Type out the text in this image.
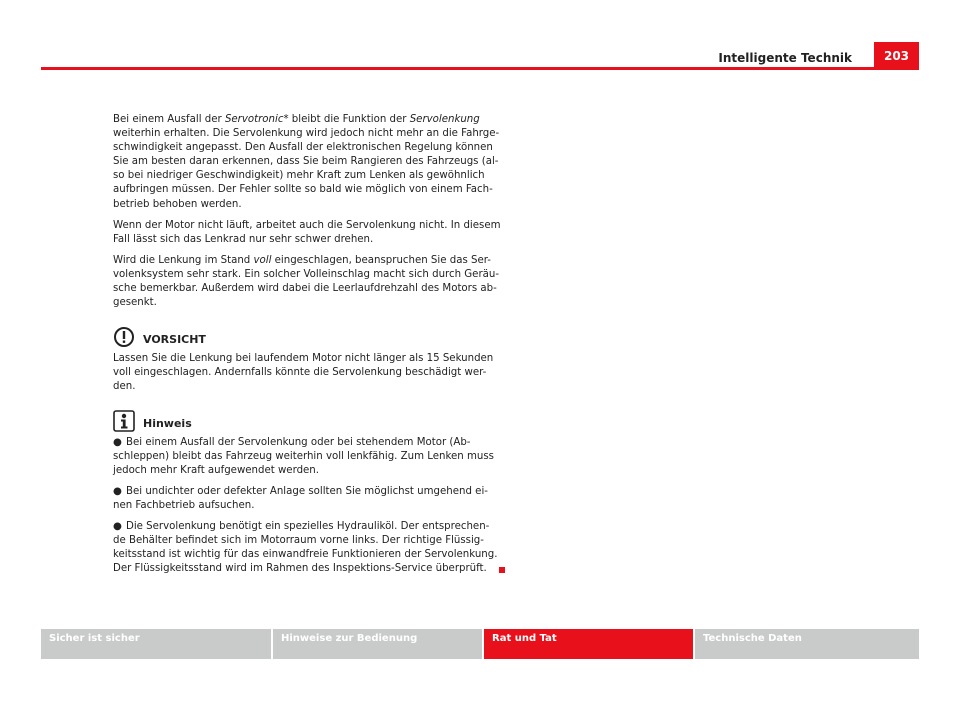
Intelligente Technik	203

Bei einem Ausfall der Servotronic* bleibt die Funktion der Servolenkung
weiterhin erhalten. Die Servolenkung wird jedoch nicht mehr an die Fahrge-
schwindigkeit angepasst. Den Ausfall der elektronischen Regelung können
Sie am besten daran erkennen, dass Sie beim Rangieren des Fahrzeugs (al-
so bei niedriger Geschwindigkeit) mehr Kraft zum Lenken als gewöhnlich
aufbringen müssen. Der Fehler sollte so bald wie möglich von einem Fach-
betrieb behoben werden.

Wenn der Motor nicht läuft, arbeitet auch die Servolenkung nicht. In diesem
Fall lässt sich das Lenkrad nur sehr schwer drehen.

Wird die Lenkung im Stand voll eingeschlagen, beanspruchen Sie das Ser-
volenksystem sehr stark. Ein solcher Volleinschlag macht sich durch Geräu-
sche bemerkbar. Außerdem wird dabei die Leerlaufdrehzahl des Motors ab-
gesenkt.

VORSICHT

Lassen Sie die Lenkung bei laufendem Motor nicht länger als 15 Sekunden
voll eingeschlagen. Andernfalls könnte die Servolenkung beschädigt wer-
den.

Hinweis

● Bei einem Ausfall der Servolenkung oder bei stehendem Motor (Ab-
schleppen) bleibt das Fahrzeug weiterhin voll lenkfähig. Zum Lenken muss
jedoch mehr Kraft aufgewendet werden.

● Bei undichter oder defekter Anlage sollten Sie möglichst umgehend ei-
nen Fachbetrieb aufsuchen.

● Die Servolenkung benötigt ein spezielles Hydrauliköl. Der entsprechen-
de Behälter befindet sich im Motorraum vorne links. Der richtige Flüssig-
keitsstand ist wichtig für das einwandfreie Funktionieren der Servolenkung.
Der Flüssigkeitsstand wird im Rahmen des Inspektions-Service überprüft.

Sicher ist sicher	Hinweise zur Bedienung	Rat und Tat	Technische Daten
